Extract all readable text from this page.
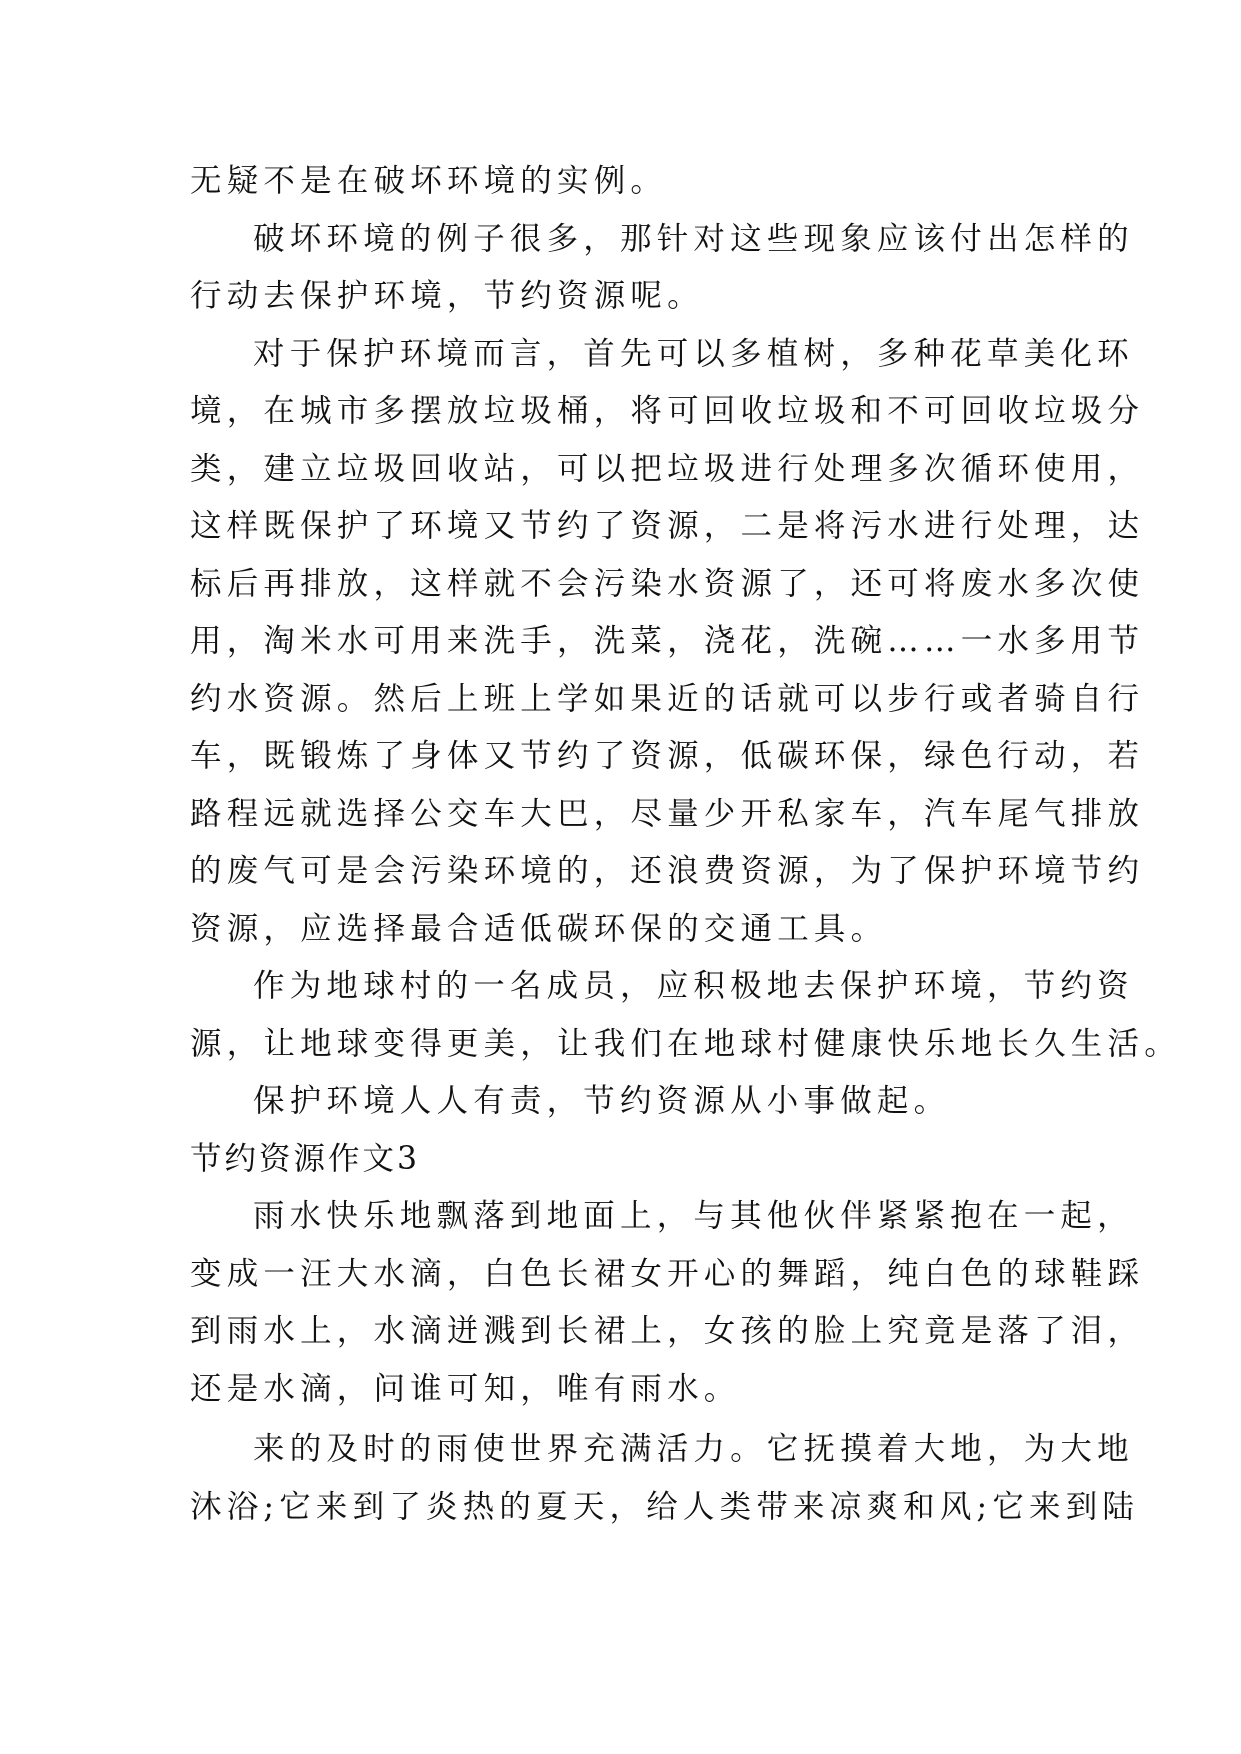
无疑不是在破坏环境的实例。
破坏环境的例子很多，那针对这些现象应该付出怎样的
行动去保护环境，节约资源呢。
对于保护环境而言，首先可以多植树，多种花草美化环
境，在城市多摆放垃圾桶，将可回收垃圾和不可回收垃圾分
类，建立垃圾回收站，可以把垃圾进行处理多次循环使用，
这样既保护了环境又节约了资源，二是将污水进行处理，达
标后再排放，这样就不会污染水资源了，还可将废水多次使
用，淘米水可用来洗手，洗菜，浇花，洗碗……一水多用节
约水资源。然后上班上学如果近的话就可以步行或者骑自行
车，既锻炼了身体又节约了资源，低碳环保，绿色行动，若
路程远就选择公交车大巴，尽量少开私家车，汽车尾气排放
的废气可是会污染环境的，还浪费资源，为了保护环境节约
资源，应选择最合适低碳环保的交通工具。
作为地球村的一名成员，应积极地去保护环境，节约资
源，让地球变得更美，让我们在地球村健康快乐地长久生活。
保护环境人人有责，节约资源从小事做起。
节约资源作文3
雨水快乐地飘落到地面上，与其他伙伴紧紧抱在一起，
变成一汪大水滴，白色长裙女开心的舞蹈，纯白色的球鞋踩
到雨水上，水滴迸溅到长裙上，女孩的脸上究竟是落了泪，
还是水滴，问谁可知，唯有雨水。
来的及时的雨使世界充满活力。它抚摸着大地，为大地
沐浴;它来到了炎热的夏天，给人类带来凉爽和风;它来到陆
